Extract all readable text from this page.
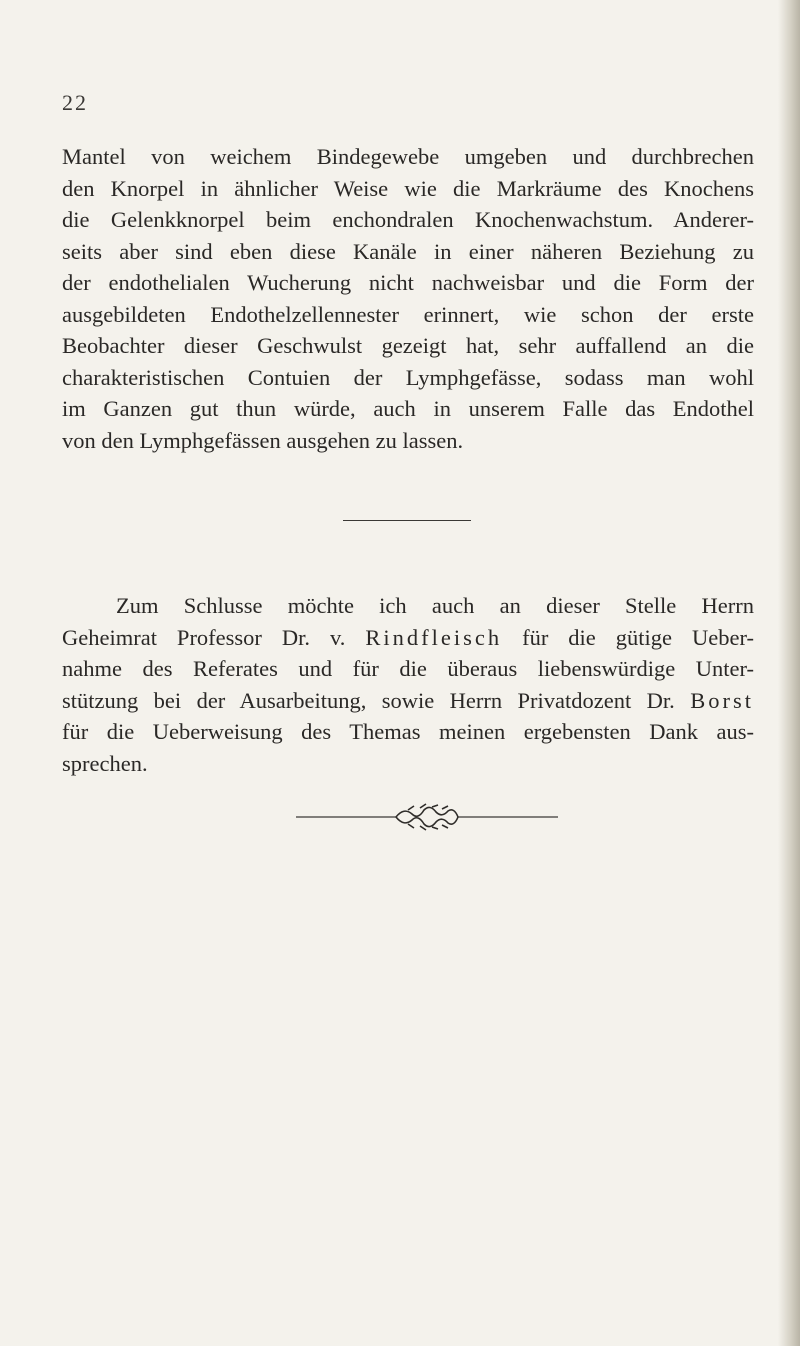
22

Mantel von weichem Bindegewebe umgeben und durchbrechen
den Knorpel in ähnlicher Weise wie die Markräume des Knochens
die Gelenkknorpel beim enchondralen Knochenwachstum. Anderer-
seits aber sind eben diese Kanäle in einer näheren Beziehung zu
der endothelialen Wucherung nicht nachweisbar und die Form der
ausgebildeten Endothelzellennester erinnert, wie schon der erste
Beobachter dieser Geschwulst gezeigt hat, sehr auffallend an die
charakteristischen Contuien der Lymphgefässe, sodass man wohl
im Ganzen gut thun würde, auch in unserem Falle das Endothel
von den Lymphgefässen ausgehen zu lassen.

Zum Schlusse möchte ich auch an dieser Stelle Herrn
Geheimrat Professor Dr. v. Rindfleisch für die gütige Ueber-
nahme des Referates und für die überaus liebenswürdige Unter-
stützung bei der Ausarbeitung, sowie Herrn Privatdozent Dr. Borst
für die Ueberweisung des Themas meinen ergebensten Dank aus-
sprechen.
